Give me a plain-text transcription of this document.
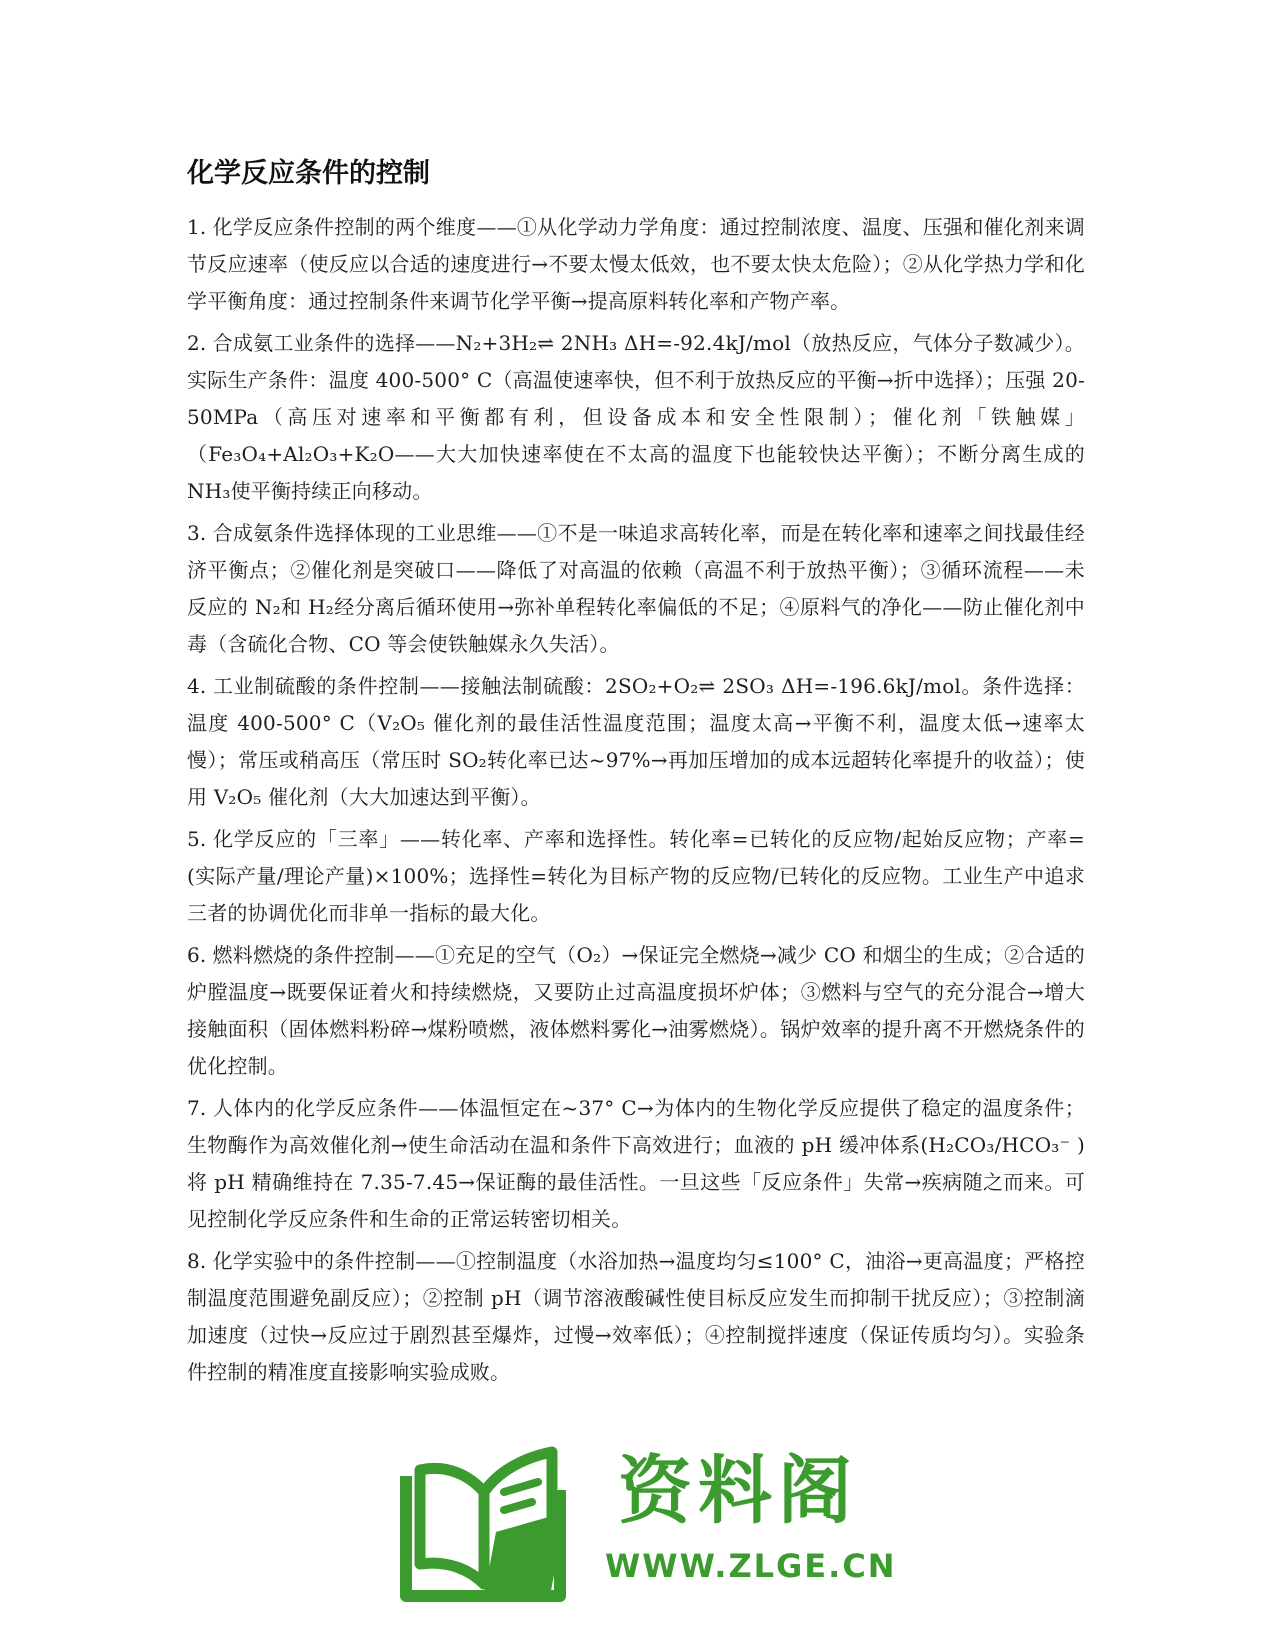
化学反应条件的控制

1. 化学反应条件控制的两个维度——①从化学动力学角度：通过控制浓度、温度、压强和催化剂来调节反应速率（使反应以合适的速度进行→不要太慢太低效，也不要太快太危险）；②从化学热力学和化学平衡角度：通过控制条件来调节化学平衡→提高原料转化率和产物产率。

2. 合成氨工业条件的选择——N₂+3H₂⇌ 2NH₃ ΔH=-92.4kJ/mol（放热反应，气体分子数减少）。实际生产条件：温度 400-500° C（高温使速率快，但不利于放热反应的平衡→折中选择）；压强 20-50MPa（高压对速率和平衡都有利，但设备成本和安全性限制）；催化剂「铁触媒」（Fe₃O₄+Al₂O₃+K₂O——大大加快速率使在不太高的温度下也能较快达平衡）；不断分离生成的 NH₃使平衡持续正向移动。

3. 合成氨条件选择体现的工业思维——①不是一味追求高转化率，而是在转化率和速率之间找最佳经济平衡点；②催化剂是突破口——降低了对高温的依赖（高温不利于放热平衡）；③循环流程——未反应的 N₂和 H₂经分离后循环使用→弥补单程转化率偏低的不足；④原料气的净化——防止催化剂中毒（含硫化合物、CO 等会使铁触媒永久失活）。

4. 工业制硫酸的条件控制——接触法制硫酸：2SO₂+O₂⇌ 2SO₃ ΔH=-196.6kJ/mol。条件选择：温度 400-500° C（V₂O₅ 催化剂的最佳活性温度范围；温度太高→平衡不利，温度太低→速率太慢）；常压或稍高压（常压时 SO₂转化率已达~97%→再加压增加的成本远超转化率提升的收益）；使用 V₂O₅ 催化剂（大大加速达到平衡）。

5. 化学反应的「三率」——转化率、产率和选择性。转化率=已转化的反应物/起始反应物；产率=(实际产量/理论产量)×100%；选择性=转化为目标产物的反应物/已转化的反应物。工业生产中追求三者的协调优化而非单一指标的最大化。

6. 燃料燃烧的条件控制——①充足的空气（O₂）→保证完全燃烧→减少 CO 和烟尘的生成；②合适的炉膛温度→既要保证着火和持续燃烧，又要防止过高温度损坏炉体；③燃料与空气的充分混合→增大接触面积（固体燃料粉碎→煤粉喷燃，液体燃料雾化→油雾燃烧）。锅炉效率的提升离不开燃烧条件的优化控制。

7. 人体内的化学反应条件——体温恒定在~37° C→为体内的生物化学反应提供了稳定的温度条件；生物酶作为高效催化剂→使生命活动在温和条件下高效进行；血液的 pH 缓冲体系(H₂CO₃/HCO₃⁻ )将 pH 精确维持在 7.35-7.45→保证酶的最佳活性。一旦这些「反应条件」失常→疾病随之而来。可见控制化学反应条件和生命的正常运转密切相关。

8. 化学实验中的条件控制——①控制温度（水浴加热→温度均匀≤100° C，油浴→更高温度；严格控制温度范围避免副反应）；②控制 pH（调节溶液酸碱性使目标反应发生而抑制干扰反应）；③控制滴加速度（过快→反应过于剧烈甚至爆炸，过慢→效率低）；④控制搅拌速度（保证传质均匀）。实验条件控制的精准度直接影响实验成败。

资料阁
WWW.ZLGE.CN
